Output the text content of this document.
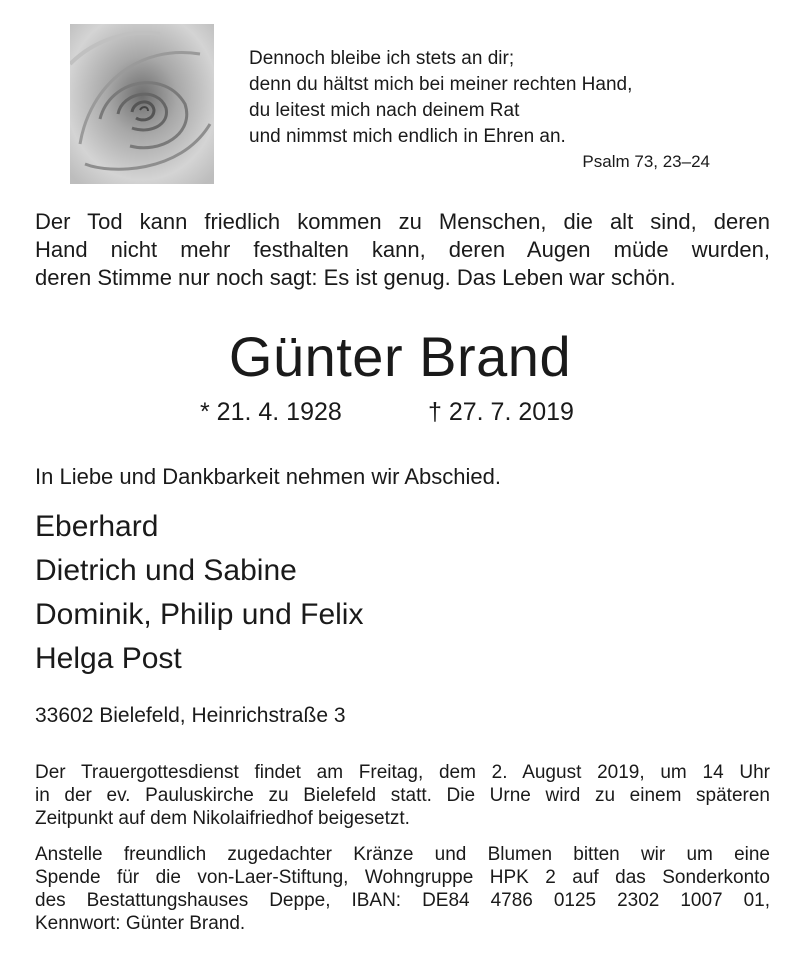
Dennoch bleibe ich stets an dir;
denn du hältst mich bei meiner rechten Hand,
du leitest mich nach deinem Rat
und nimmst mich endlich in Ehren an.
Psalm 73, 23–24
Der Tod kann friedlich kommen zu Menschen, die alt sind, deren
Hand nicht mehr festhalten kann, deren Augen müde wurden,
deren Stimme nur noch sagt: Es ist genug. Das Leben war schön.
Günter Brand
* 21. 4. 1928	† 27. 7. 2019
In Liebe und Dankbarkeit nehmen wir Abschied.
Eberhard
Dietrich und Sabine
Dominik, Philip und Felix
Helga Post
33602 Bielefeld, Heinrichstraße 3
Der Trauergottesdienst findet am Freitag, dem 2. August 2019, um 14 Uhr
in der ev. Pauluskirche zu Bielefeld statt. Die Urne wird zu einem späteren
Zeitpunkt auf dem Nikolaifriedhof beigesetzt.
Anstelle freundlich zugedachter Kränze und Blumen bitten wir um eine
Spende für die von-Laer-Stiftung, Wohngruppe HPK 2 auf das Sonderkonto
des Bestattungshauses Deppe, IBAN: DE84 4786 0125 2302 1007 01,
Kennwort: Günter Brand.
